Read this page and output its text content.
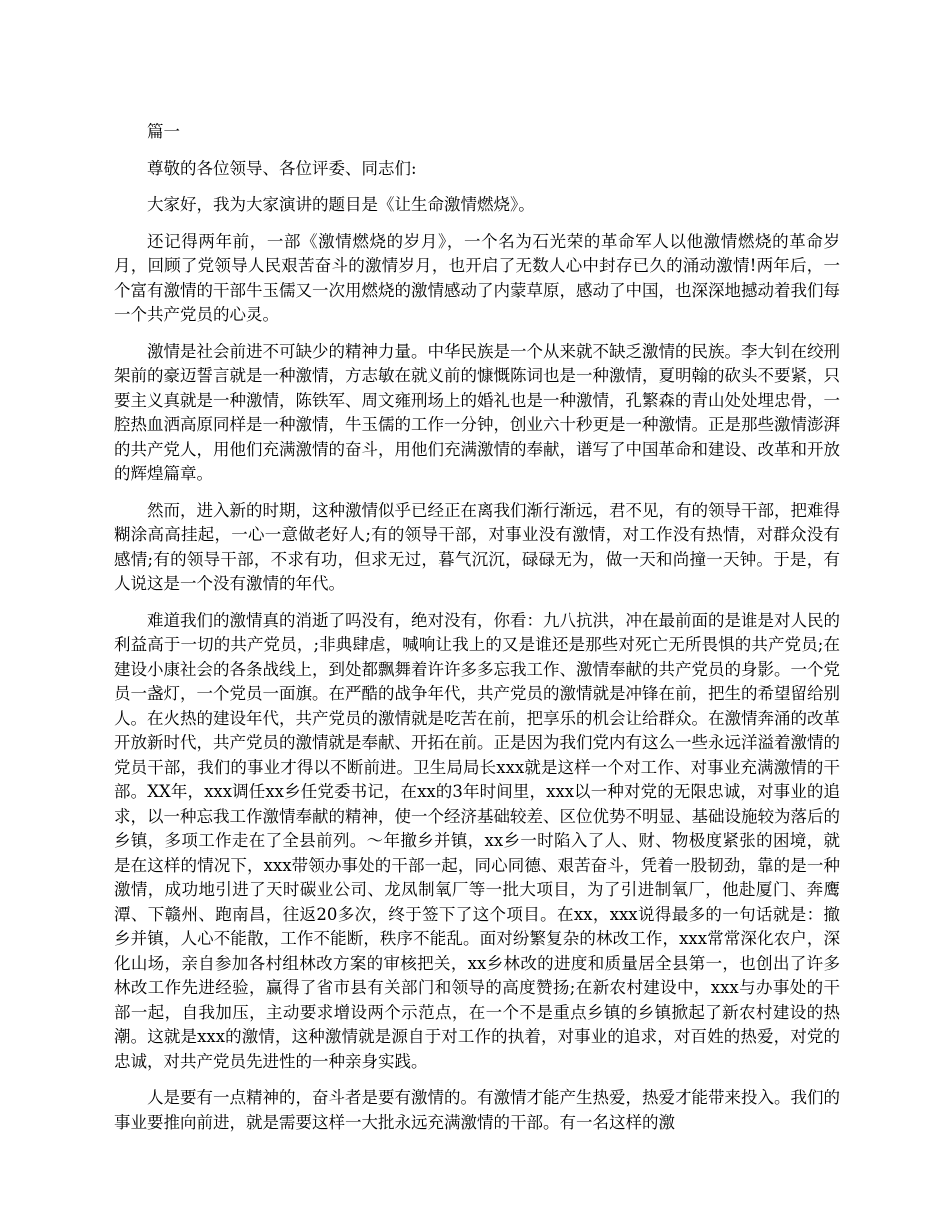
篇一

尊敬的各位领导、各位评委、同志们:

大家好，我为大家演讲的题目是《让生命激情燃烧》。

还记得两年前，一部《激情燃烧的岁月》，一个名为石光荣的革命军人以他激情燃烧的革命岁月，回顾了党领导人民艰苦奋斗的激情岁月，也开启了无数人心中封存已久的涌动激情!两年后，一个富有激情的干部牛玉儒又一次用燃烧的激情感动了内蒙草原，感动了中国，也深深地撼动着我们每一个共产党员的心灵。

激情是社会前进不可缺少的精神力量。中华民族是一个从来就不缺乏激情的民族。李大钊在绞刑架前的豪迈誓言就是一种激情，方志敏在就义前的慷慨陈词也是一种激情，夏明翰的砍头不要紧，只要主义真就是一种激情，陈铁军、周文雍刑场上的婚礼也是一种激情，孔繁森的青山处处埋忠骨，一腔热血洒高原同样是一种激情，牛玉儒的工作一分钟，创业六十秒更是一种激情。正是那些激情澎湃的共产党人，用他们充满激情的奋斗，用他们充满激情的奉献，谱写了中国革命和建设、改革和开放的辉煌篇章。

然而，进入新的时期，这种激情似乎已经正在离我们渐行渐远，君不见，有的领导干部，把难得糊涂高高挂起，一心一意做老好人;有的领导干部，对事业没有激情，对工作没有热情，对群众没有感情;有的领导干部，不求有功，但求无过，暮气沉沉，碌碌无为，做一天和尚撞一天钟。于是，有人说这是一个没有激情的年代。

难道我们的激情真的消逝了吗没有，绝对没有，你看：九八抗洪，冲在最前面的是谁是对人民的利益高于一切的共产党员，;非典肆虐，喊响让我上的又是谁还是那些对死亡无所畏惧的共产党员;在建设小康社会的各条战线上，到处都飘舞着许许多多忘我工作、激情奉献的共产党员的身影。一个党员一盏灯，一个党员一面旗。在严酷的战争年代，共产党员的激情就是冲锋在前，把生的希望留给别人。在火热的建设年代，共产党员的激情就是吃苦在前，把享乐的机会让给群众。在激情奔涌的改革开放新时代，共产党员的激情就是奉献、开拓在前。正是因为我们党内有这么一些永远洋溢着激情的党员干部，我们的事业才得以不断前进。卫生局局长xxx就是这样一个对工作、对事业充满激情的干部。XX年，xxx调任xx乡任党委书记，在xx的3年时间里，xxx以一种对党的无限忠诚，对事业的追求，以一种忘我工作激情奉献的精神，使一个经济基础较差、区位优势不明显、基础设施较为落后的乡镇，多项工作走在了全县前列。～年撤乡并镇，xx乡一时陷入了人、财、物极度紧张的困境，就是在这样的情况下，xxx带领办事处的干部一起，同心同德、艰苦奋斗，凭着一股韧劲，靠的是一种激情，成功地引进了天时碳业公司、龙凤制氧厂等一批大项目，为了引进制氧厂，他赴厦门、奔鹰潭、下赣州、跑南昌，往返20多次，终于签下了这个项目。在xx，xxx说得最多的一句话就是：撤乡并镇，人心不能散，工作不能断，秩序不能乱。面对纷繁复杂的林改工作，xxx常常深化农户，深化山场，亲自参加各村组林改方案的审核把关，xx乡林改的进度和质量居全县第一，也创出了许多林改工作先进经验，赢得了省市县有关部门和领导的高度赞扬;在新农村建设中，xxx与办事处的干部一起，自我加压，主动要求增设两个示范点，在一个不是重点乡镇的乡镇掀起了新农村建设的热潮。这就是xxx的激情，这种激情就是源自于对工作的执着，对事业的追求，对百姓的热爱，对党的忠诚，对共产党员先进性的一种亲身实践。

人是要有一点精神的，奋斗者是要有激情的。有激情才能产生热爱，热爱才能带来投入。我们的事业要推向前进，就是需要这样一大批永远充满激情的干部。有一名这样的激
